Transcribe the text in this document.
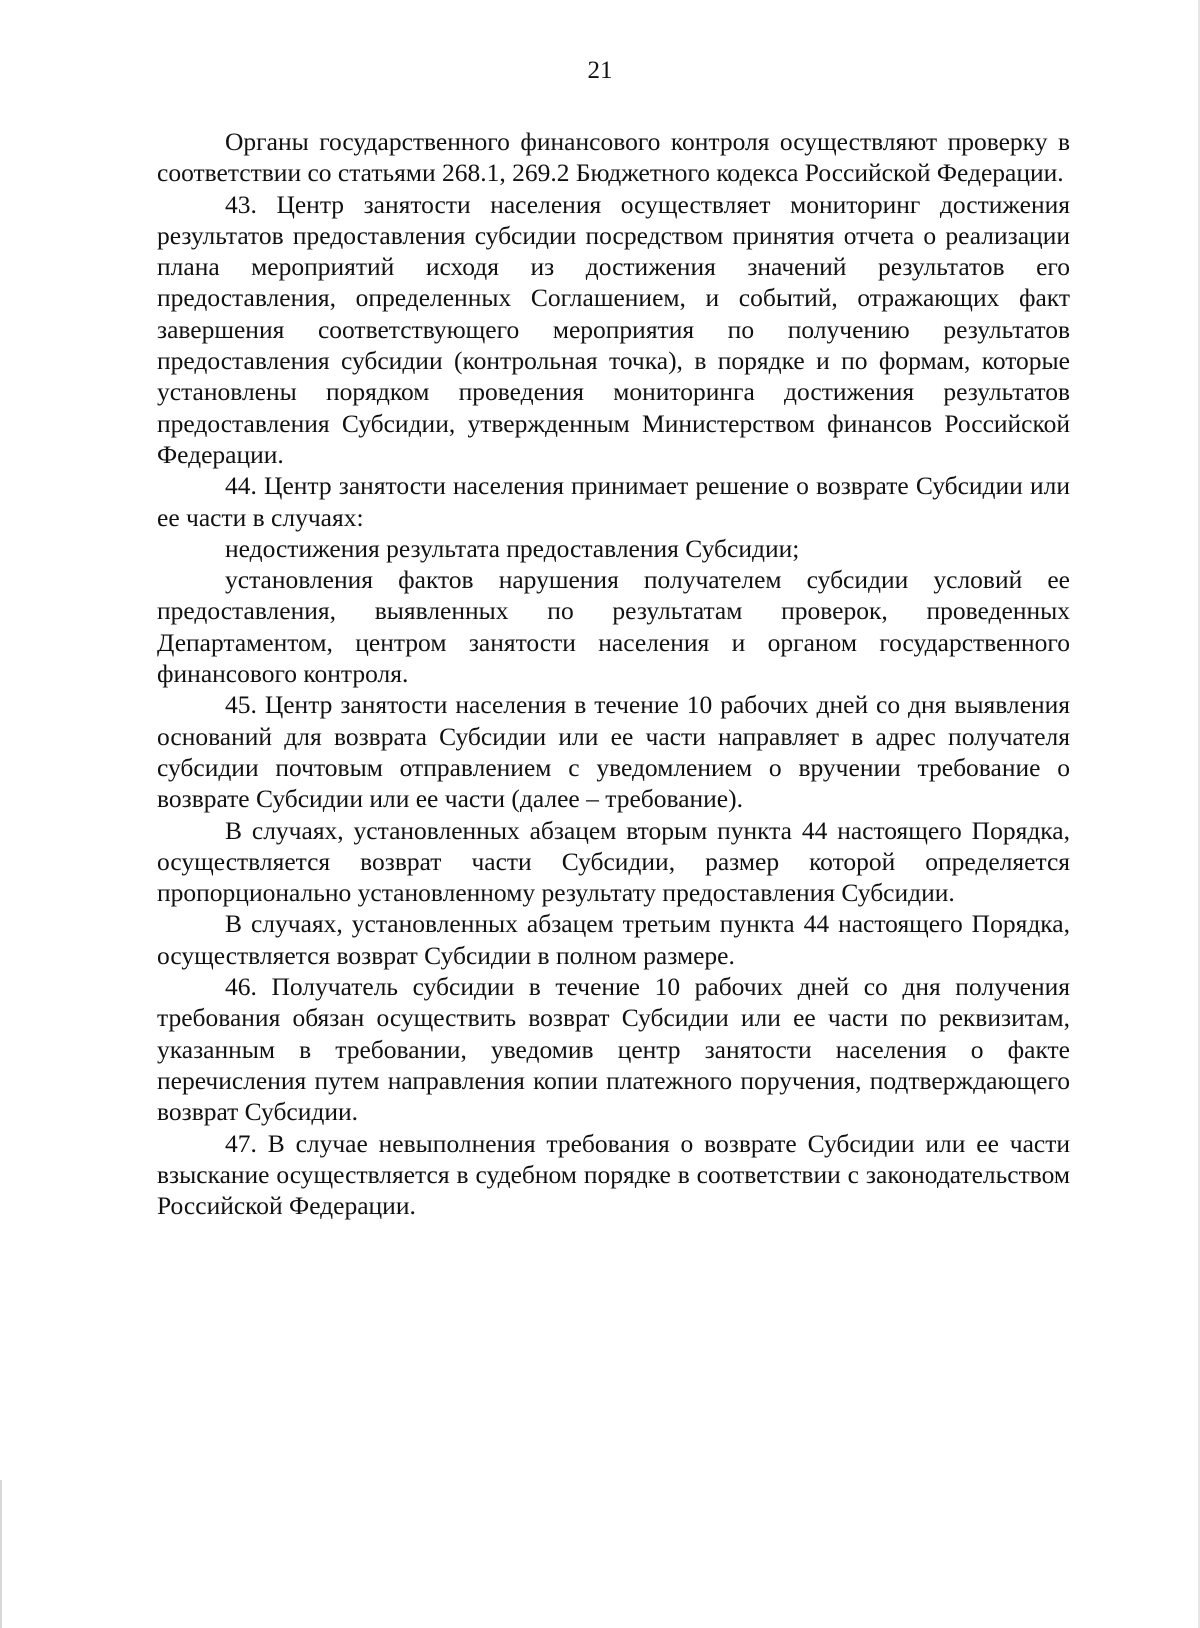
21

Органы государственного финансового контроля осуществляют проверку в соответствии со статьями 268.1, 269.2 Бюджетного кодекса Российской Федерации.

43. Центр занятости населения осуществляет мониторинг достижения результатов предоставления субсидии посредством принятия отчета о реализации плана мероприятий исходя из достижения значений результатов его предоставления, определенных Соглашением, и событий, отражающих факт завершения соответствующего мероприятия по получению результатов предоставления субсидии (контрольная точка), в порядке и по формам, которые установлены порядком проведения мониторинга достижения результатов предоставления Субсидии, утвержденным Министерством финансов Российской Федерации.

44. Центр занятости населения принимает решение о возврате Субсидии или ее части в случаях:

недостижения результата предоставления Субсидии;

установления фактов нарушения получателем субсидии условий ее предоставления, выявленных по результатам проверок, проведенных Департаментом, центром занятости населения и органом государственного финансового контроля.

45. Центр занятости населения в течение 10 рабочих дней со дня выявления оснований для возврата Субсидии или ее части направляет в адрес получателя субсидии почтовым отправлением с уведомлением о вручении требование о возврате Субсидии или ее части (далее – требование).

В случаях, установленных абзацем вторым пункта 44 настоящего Порядка, осуществляется возврат части Субсидии, размер которой определяется пропорционально установленному результату предоставления Субсидии.

В случаях, установленных абзацем третьим пункта 44 настоящего Порядка, осуществляется возврат Субсидии в полном размере.

46. Получатель субсидии в течение 10 рабочих дней со дня получения требования обязан осуществить возврат Субсидии или ее части по реквизитам, указанным в требовании, уведомив центр занятости населения о факте перечисления путем направления копии платежного поручения, подтверждающего возврат Субсидии.

47. В случае невыполнения требования о возврате Субсидии или ее части взыскание осуществляется в судебном порядке в соответствии с законодательством Российской Федерации.
